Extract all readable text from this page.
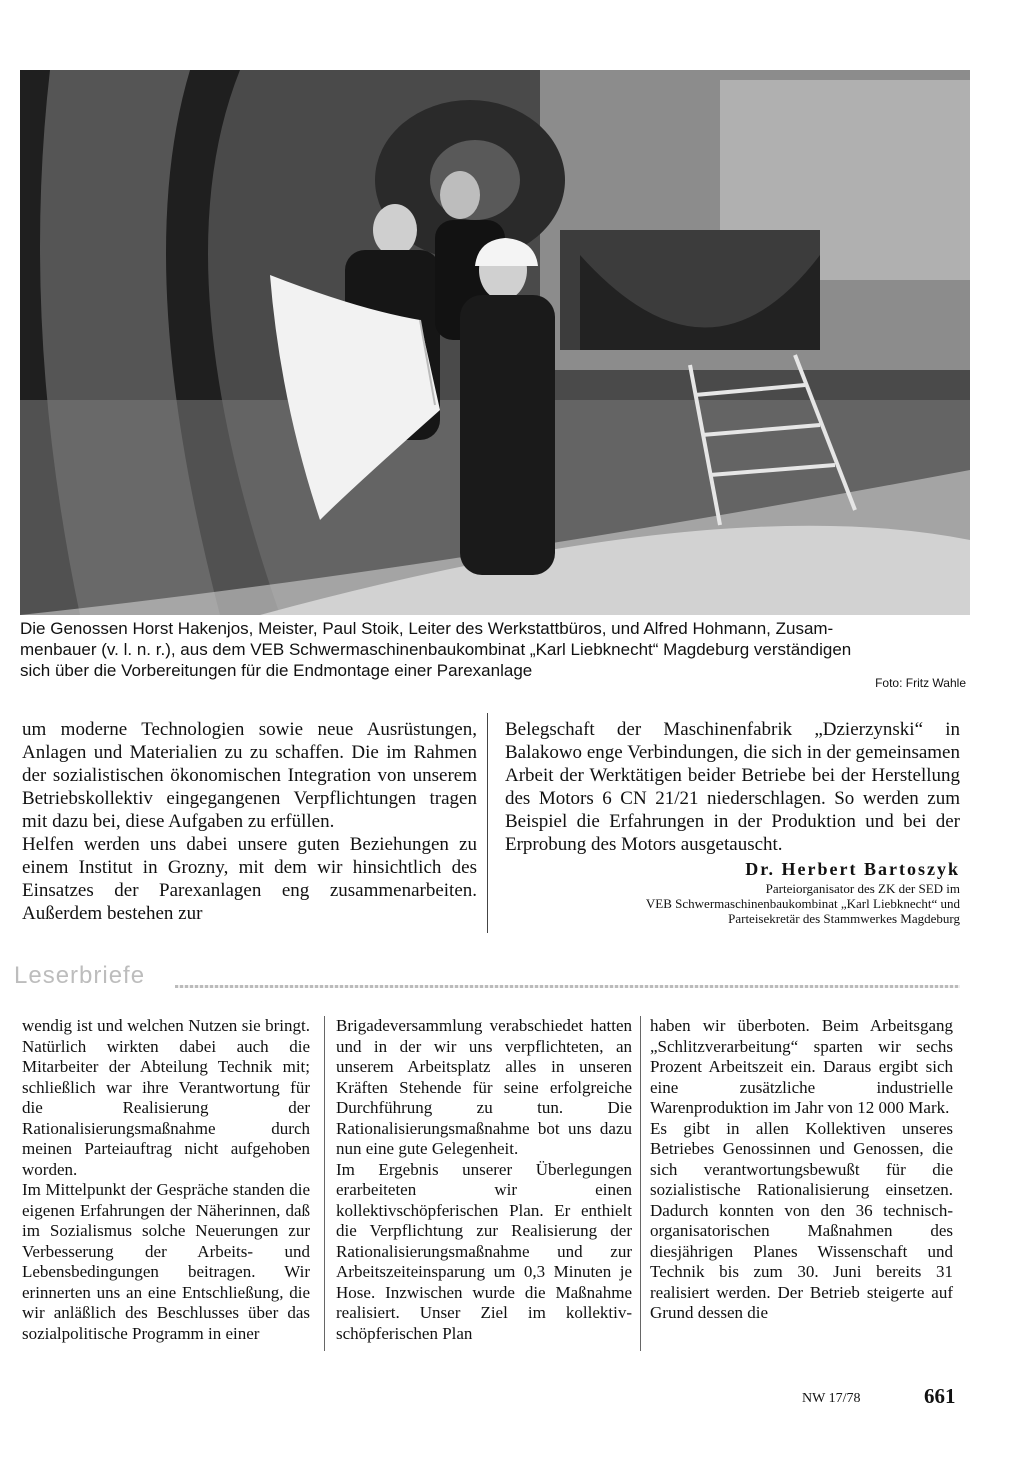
Die Genossen Horst Hakenjos, Meister, Paul Stoik, Leiter des Werkstattbüros, und Alfred Hohmann, Zusam-

menbauer (v. l. n. r.), aus dem VEB Schwermaschinenbaukombinat „Karl Liebknecht“ Magdeburg verständigen

sich über die Vorbereitungen für die Endmontage einer Parexanlage

Foto: Fritz Wahle

um moderne Technologien sowie neue Ausrüstungen, Anlagen und Materialien zu zu schaffen. Die im Rahmen der sozialistischen ökonomischen Integration von unserem Betriebskollektiv eingegangenen Verpflichtungen tragen mit dazu bei, diese Aufgaben zu erfüllen.

Helfen werden uns dabei unsere guten Beziehungen zu einem Institut in Grozny, mit dem wir hinsichtlich des Einsatzes der Parexanlagen eng zusammenarbeiten. Außerdem bestehen zur

Belegschaft der Maschinenfabrik „Dzierzynski“ in Balakowo enge Verbindungen, die sich in der gemeinsamen Arbeit der Werktätigen beider Betriebe bei der Herstellung des Motors 6 CN 21/21 niederschlagen. So werden zum Beispiel die Erfahrungen in der Produktion und bei der Erprobung des Motors ausgetauscht.

Dr. Herbert Bartoszyk

Parteiorganisator des ZK der SED im

VEB Schwermaschinenbaukombinat „Karl Liebknecht“ und

Parteisekretär des Stammwerkes Magdeburg

Leserbriefe

wendig ist und welchen Nutzen sie bringt. Natürlich wirkten dabei auch die Mitarbeiter der Abteilung Technik mit; schließlich war ihre Verantwortung für die Realisierung der Rationalisierungsmaßnahme durch meinen Parteiauftrag nicht aufgehoben worden.

Im Mittelpunkt der Gespräche standen die eigenen Erfahrungen der Näherinnen, daß im Sozialismus solche Neuerungen zur Verbesserung der Arbeits- und Lebensbedingungen beitragen. Wir erinnerten uns an eine Entschließung, die wir anläßlich des Beschlusses über das sozialpolitische Programm in einer

Brigadeversammlung verabschiedet hatten und in der wir uns verpflichteten, an unserem Arbeitsplatz alles in unseren Kräften Stehende für seine erfolgreiche Durchführung zu tun. Die Rationalisierungsmaßnahme bot uns dazu nun eine gute Gelegenheit.

Im Ergebnis unserer Überlegungen erarbeiteten wir einen kollektivschöpferischen Plan. Er enthielt die Verpflichtung zur Realisierung der Rationalisierungsmaßnahme und zur Arbeitszeiteinsparung um 0,3 Minuten je Hose. Inzwischen wurde die Maßnahme realisiert. Unser Ziel im kollektiv-schöpferischen Plan

haben wir überboten. Beim Arbeitsgang „Schlitzverarbeitung“ sparten wir sechs Prozent Arbeitszeit ein. Daraus ergibt sich eine zusätzliche industrielle Warenproduktion im Jahr von 12 000 Mark.

Es gibt in allen Kollektiven unseres Betriebes Genossinnen und Genossen, die sich verantwortungsbewußt für die sozialistische Rationalisierung einsetzen. Dadurch konnten von den 36 technisch-organisatorischen Maßnahmen des diesjährigen Planes Wissenschaft und Technik bis zum 30. Juni bereits 31 realisiert werden. Der Betrieb steigerte auf Grund dessen die

NW 17/78	661
